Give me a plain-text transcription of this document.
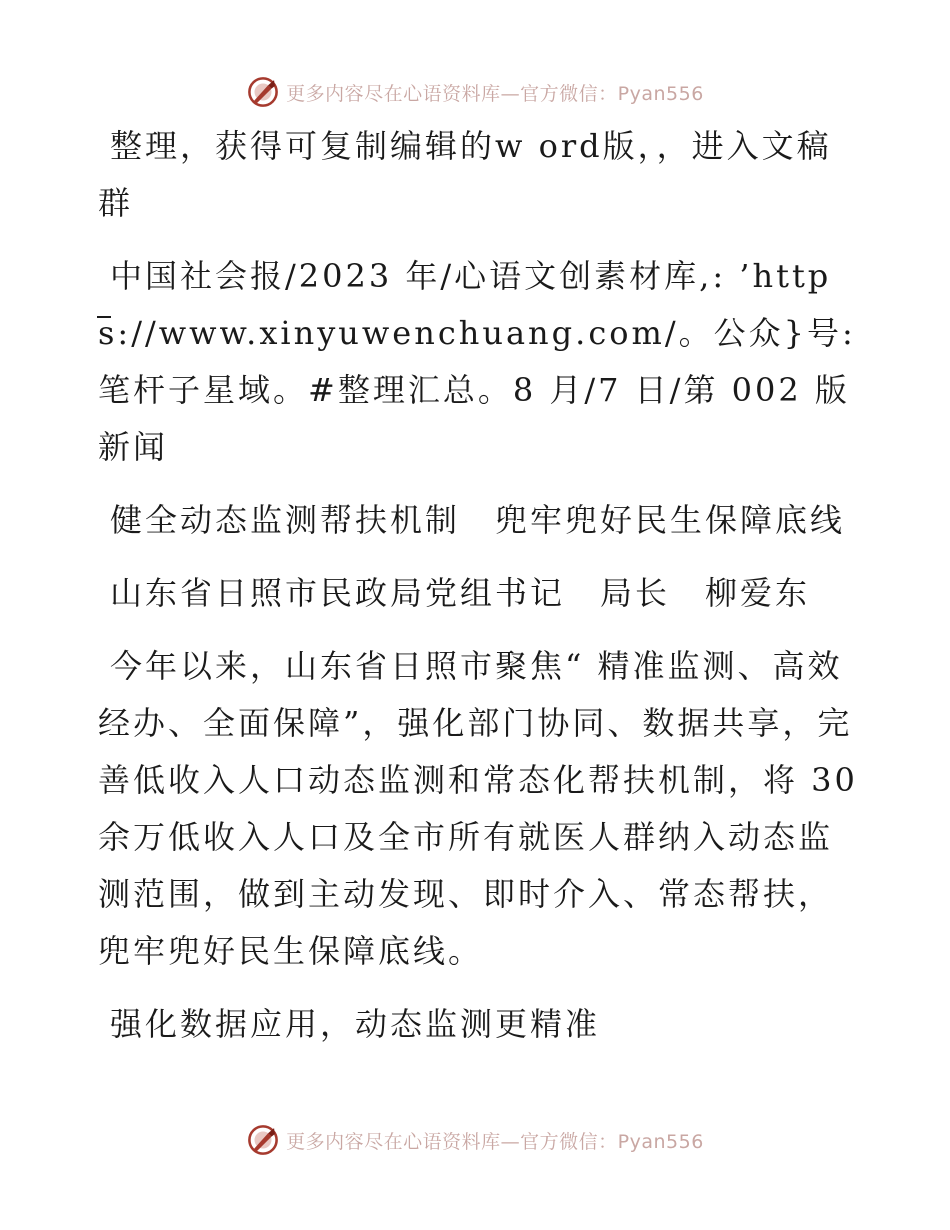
更多内容尽在心语资料库—官方微信：Pyan556

整理，获得可复制编辑的w ord版，，进入文稿群

中国社会报/2023 年/心语文创素材库,: ’https://www.xinyuwenchuang.com/。公众}号: 笔杆子星域。#整理汇总。8 月/7 日/第 002 版新闻

健全动态监测帮扶机制　兜牢兜好民生保障底线

山东省日照市民政局党组书记　局长　柳爱东

今年以来，山东省日照市聚焦“ 精准监测、高效经办、全面保障”，强化部门协同、数据共享，完善低收入人口动态监测和常态化帮扶机制，将 30 余万低收入人口及全市所有就医人群纳入动态监测范围，做到主动发现、即时介入、常态帮扶，兜牢兜好民生保障底线。

强化数据应用，动态监测更精准

更多内容尽在心语资料库—官方微信：Pyan556
